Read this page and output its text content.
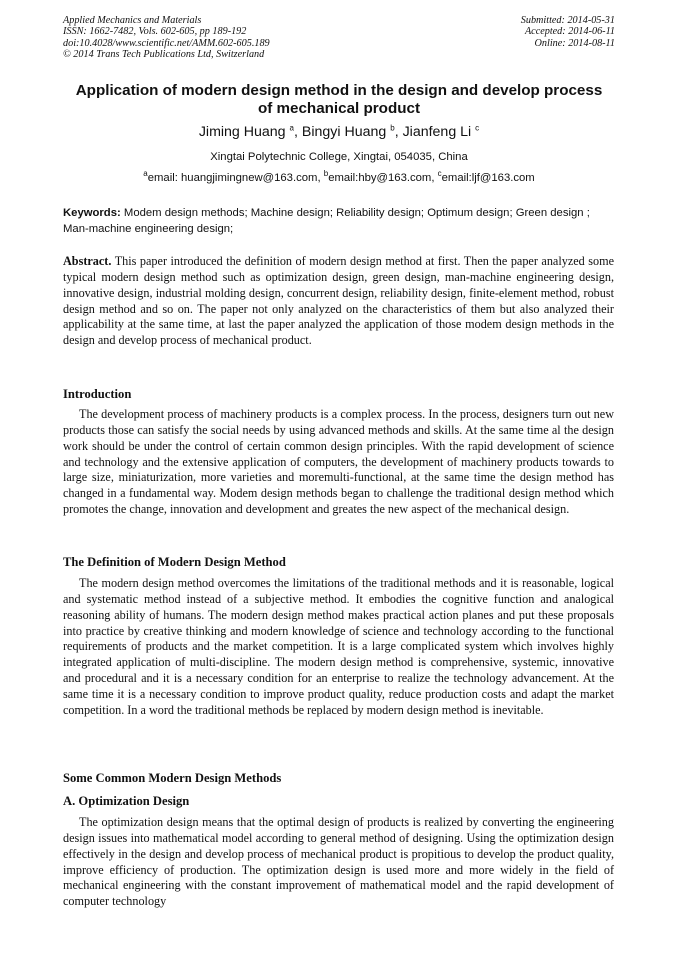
Applied Mechanics and Materials
ISSN: 1662-7482, Vols. 602-605, pp 189-192
doi:10.4028/www.scientific.net/AMM.602-605.189
© 2014 Trans Tech Publications Ltd, Switzerland
Submitted: 2014-05-31
Accepted: 2014-06-11
Online: 2014-08-11
Application of modern design method in the design and develop process
of mechanical product
Jiming Huang $^a$, Bingyi Huang $^b$, Jianfeng Li $^c$
Xingtai Polytechnic College, Xingtai, 054035, China
$^a$email: huangjimingnew@163.com, $^b$email:hby@163.com, $^c$email:ljf@163.com
Keywords: Modem design methods; Machine design; Reliability design; Optimum design; Green design ; Man-machine engineering design;
Abstract. This paper introduced the definition of modern design method at first. Then the paper analyzed some typical modern design method such as optimization design, green design, man-machine engineering design, innovative design, industrial molding design, concurrent design, reliability design, finite-element method, robust design method and so on. The paper not only analyzed on the characteristics of them but also analyzed their applicability at the same time, at last the paper analyzed the application of those modem design methods in the design and develop process of mechanical product.
Introduction
The development process of machinery products is a complex process. In the process, designers turn out new products those can satisfy the social needs by using advanced methods and skills. At the same time al the design work should be under the control of certain common design principles. With the rapid development of science and technology and the extensive application of computers, the development of machinery products towards to large size, miniaturization, more varieties and moremulti-functional, at the same time the design method has changed in a fundamental way. Modem design methods began to challenge the traditional design method which promotes the change, innovation and development and greates the new aspect of the mechanical design.
The Definition of Modern Design Method
The modern design method overcomes the limitations of the traditional methods and it is reasonable, logical and systematic method instead of a subjective method. It embodies the cognitive function and analogical reasoning ability of humans. The modern design method makes practical action planes and put these proposals into practice by creative thinking and modern knowledge of science and technology according to the functional requirements of products and the market competition. It is a large complicated system which involves highly integrated application of multi-discipline. The modern design method is comprehensive, systemic, innovative and procedural and it is a necessary condition for an enterprise to realize the technology advancement. At the same time it is a necessary condition to improve product quality, reduce production costs and adapt the market competition. In a word the traditional methods be replaced by modern design method is inevitable.
Some Common Modern Design Methods
A. Optimization Design
The optimization design means that the optimal design of products is realized by converting the engineering design issues into mathematical model according to general method of designing. Using the optimization design effectively in the design and develop process of mechanical product is propitious to develop the product quality, improve efficiency of production. The optimization design is used more and more widely in the field of mechanical engineering with the constant improvement of mathematical model and the rapid development of computer technology
